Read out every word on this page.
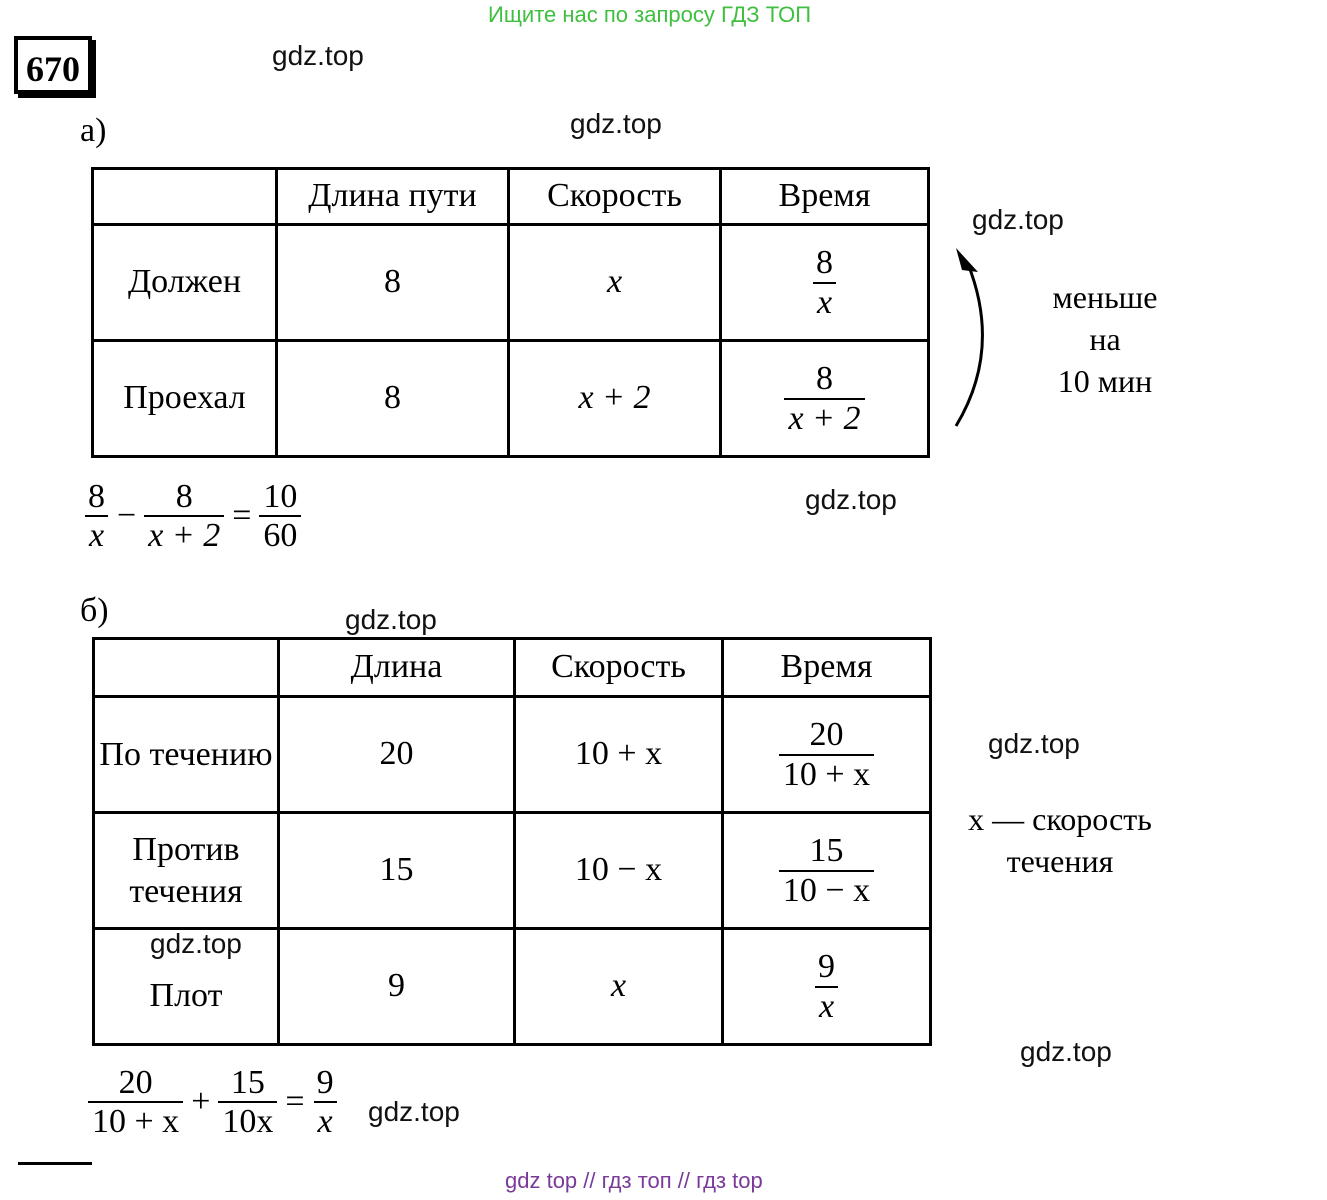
Ищите нас по запросу ГДЗ ТОП
gdz top // гдз топ // гдз top
670	gdz.top
gdz.top
gdz.top
gdz.top
gdz.top
gdz.top
gdz.top
gdz.top
gdz.top
а)
	Длина пути	Скорость	Время
Должен	8	x	$\frac{8}{x}$

Проехал	8	x + 2	$\frac{8}{x + 2}$
меньше
на
10 мин
$\frac{8}{x} - \frac{8}{x + 2} = \frac{10}{60}$
б)
	Длина	Скорость	Время
По течению	20	10 + x	$\frac{20}{10 + x}$

Против течения	15	10 − x	$\frac{15}{10 - x}$

Плот	9	x	$\frac{9}{x}$
x — скорость
течения
$\frac{20}{10 + x} + \frac{15}{10x} = \frac{9}{x}$
